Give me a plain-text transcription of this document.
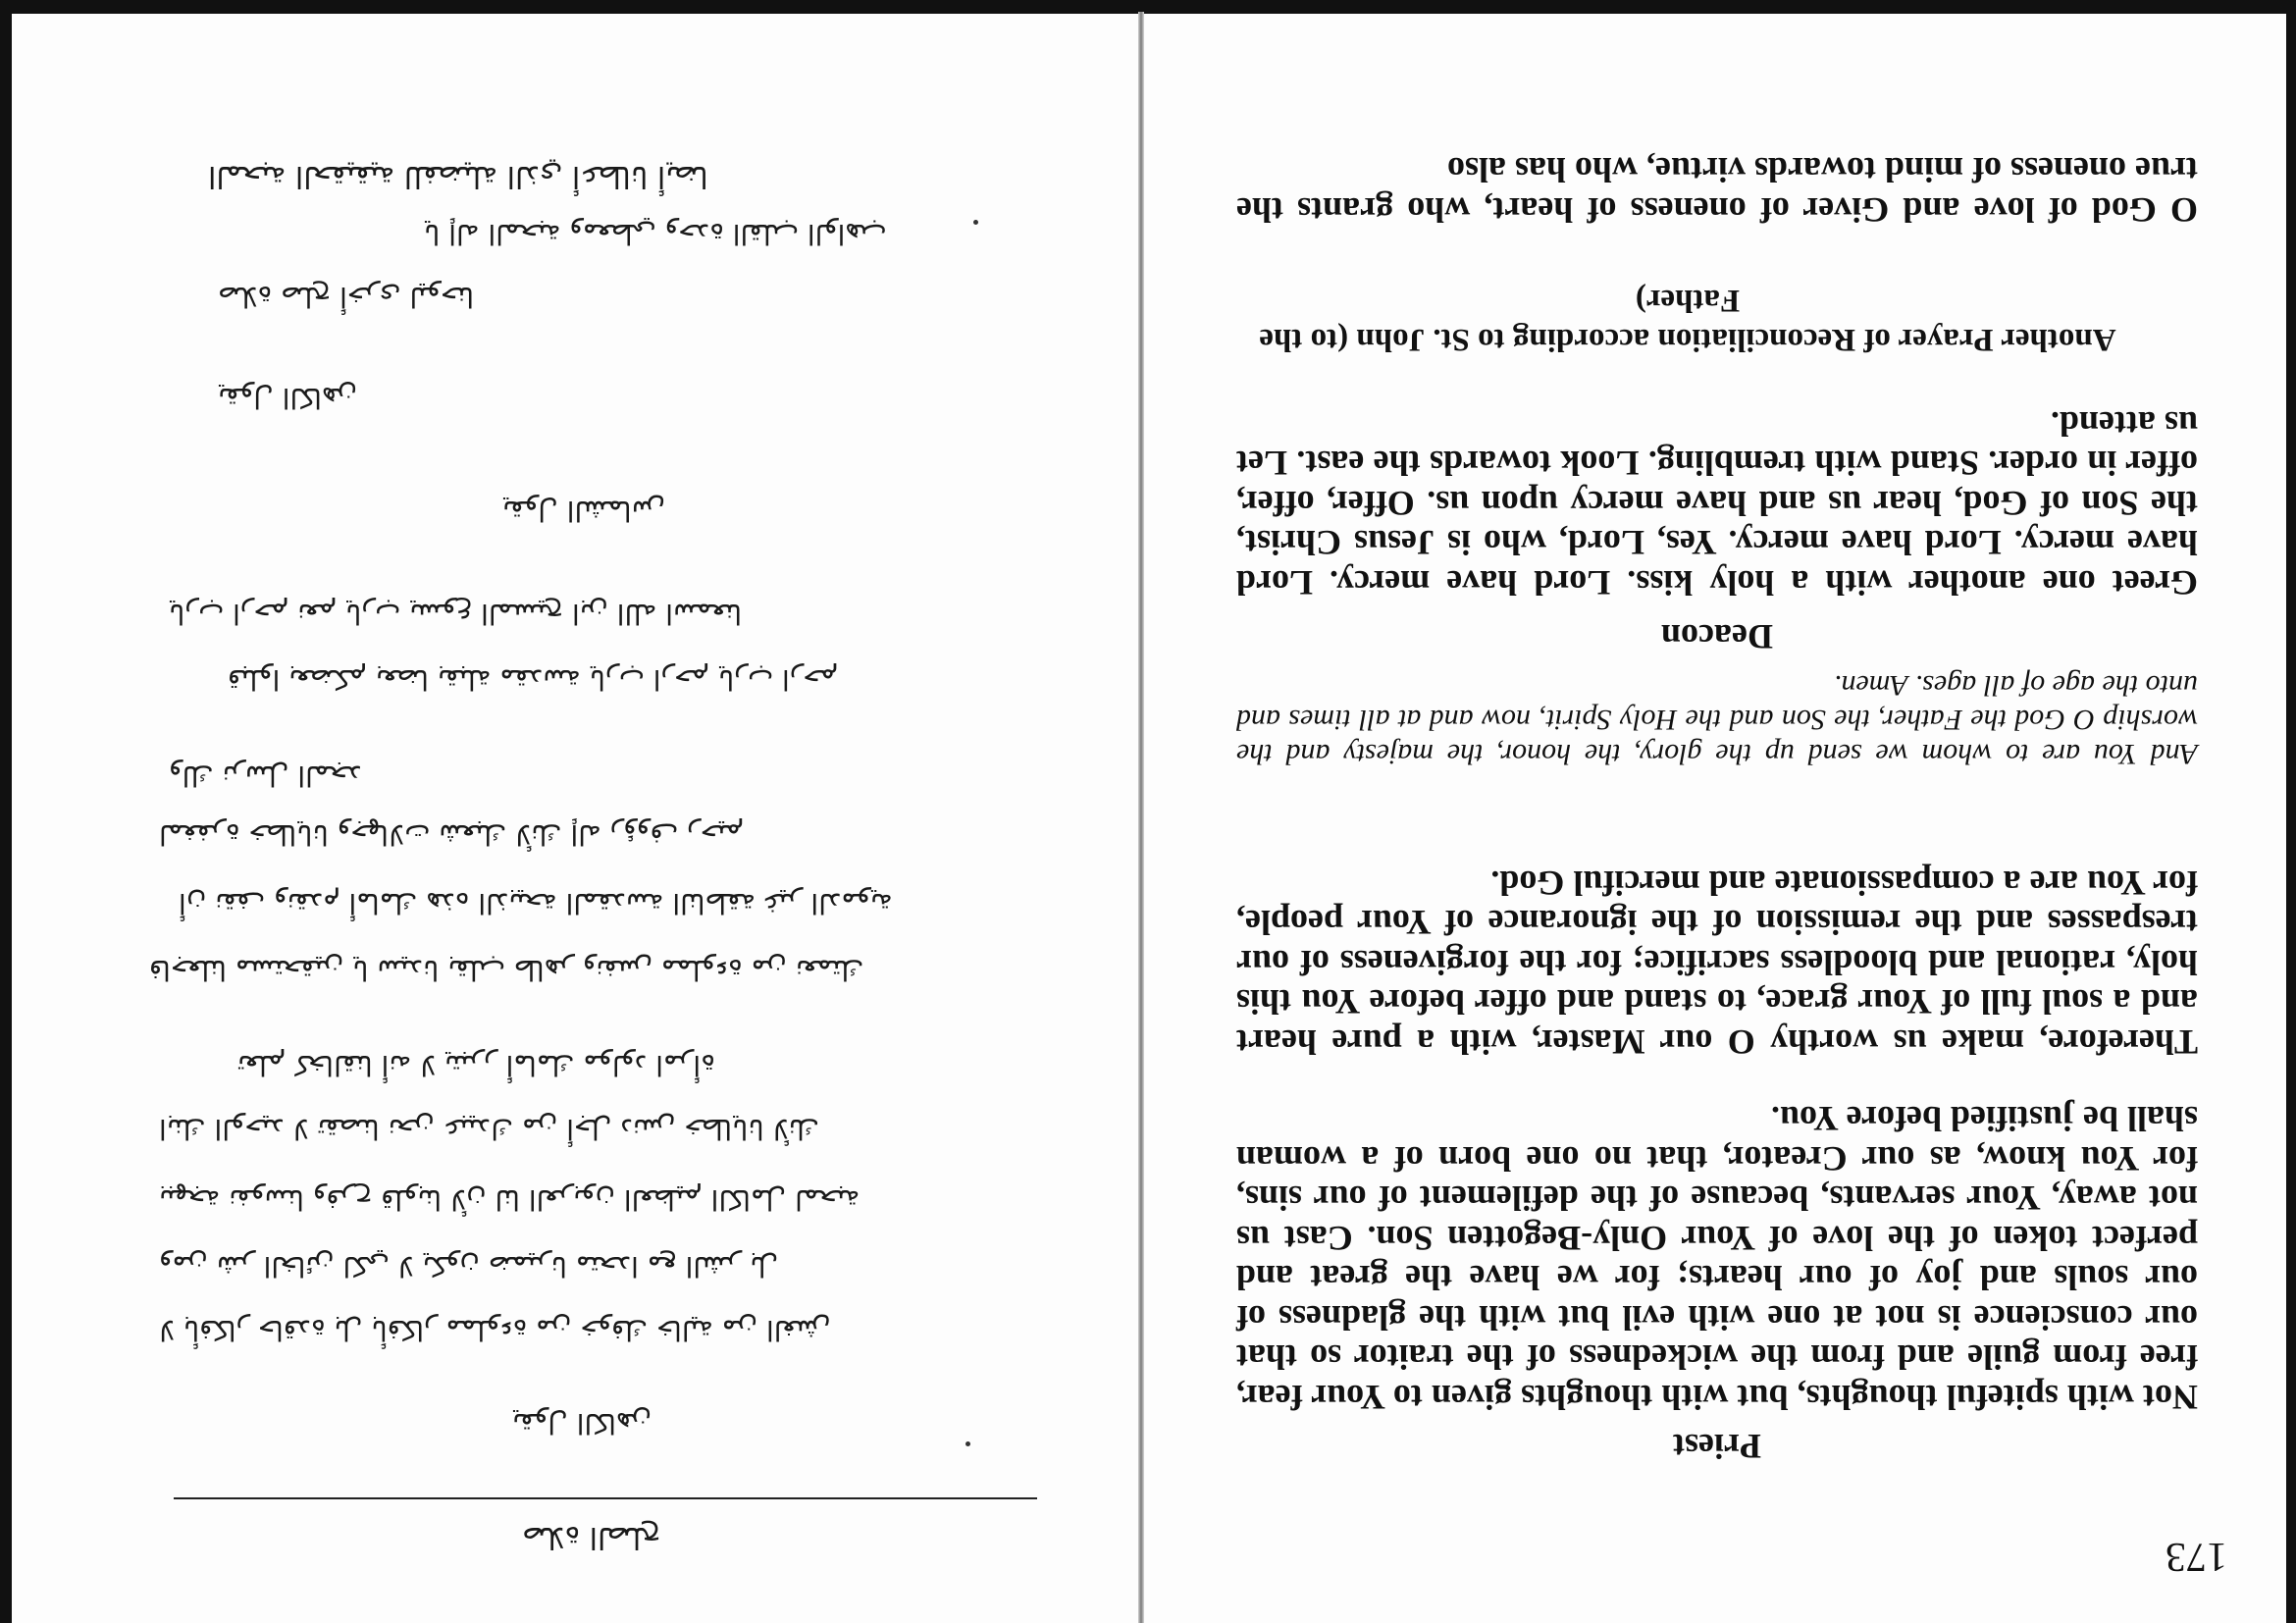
المحبة الحقيقية للفضيلة الذي أعطانا أيضا
يا إله المحبة ومعطي وحدة القلب الواهب
صلاة صلح أخرى ليوحنا
يقول الكاهن
يقول الشماس
يارب ارحم نعم يارب يسوع المسيح ابن الله اسمعنا
قبلوا بعضكم بعضا بقبلة مقدسة يارب ارحم يارب ارحم
ولك نرسل المجد
لمغفرة خطايانا وجهالات شعبك لأنك إله رؤوف رحيم
أن نقف ونقدم أمامك هذه الذبيحة المقدسة الناطقة غير الدموية
فاجعلنا مستحقين يا سيدنا بقلب طاهر ونفس مملوءة من نعمتك
تعلم كخالقنا أنه لا يتبرر أمامك مولود امرأة
ابنك الوحيد لا تقصنا نحن عبيدك من أجل دنس خطايانا لأنك
ببهجة نفوسنا وفرح قلوبنا لأن لنا العربون العظيم الكامل لمحبة
ومن شر الخائن لكي لا يكون ضميرنا متحدا مع الشر بل
لا بأفكار حاقدة بل بأفكار مملوءة من خوفك خالية من الغش
يقول الكاهن
صلاة الصلح
Priest
Not with spiteful thoughts, but with thoughts given to Your fear, free from guile and from the wickedness of the traitor so that our conscience is not at one with evil but with the gladness of our souls and joy of our hearts; for we have the great and perfect token of the love of Your Only-Begotten Son. Cast us not away, Your servants, because of the defilement of our sins, for You know, as our Creator, that no one born of a woman shall be justified before You.
Therefore, make us worthy O our Master, with a pure heart and a soul full of Your grace, to stand and offer before You this holy, rational and bloodless sacrifice; for the forgiveness of our trespasses and the remission of the ignorance of Your people, for You are a compassionate and merciful God.
And You are to whom we send up the glory, the honor, the majesty and the worship O God the Father, the Son and the Holy Spirit, now and at all times and unto the age of all ages. Amen.
Deacon
Greet one another with a holy kiss. Lord have mercy. Lord have mercy. Lord have mercy. Yes, Lord, who is Jesus Christ, the Son of God, hear us and have mercy upon us. Offer, offer, offer in order. Stand with trembling. Look towards the east. Let us attend.
Another Prayer of Reconciliation according to St. John (to the Father)
O God of love and Giver of oneness of heart, who grants the true oneness of mind towards virtue, who has also
173
